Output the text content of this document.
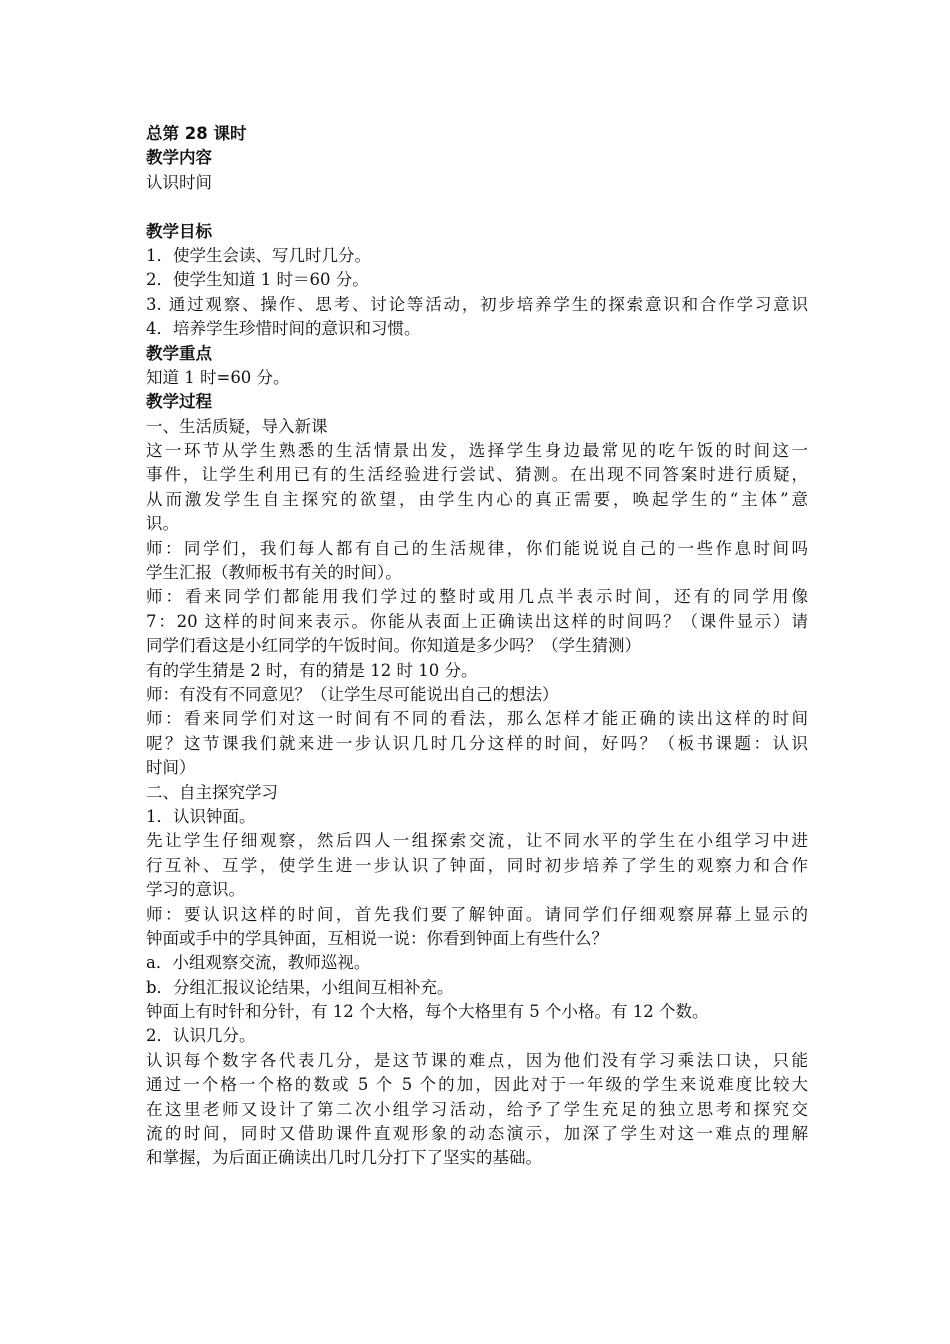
总第 28 课时
教学内容
认识时间
教学目标
1．使学生会读、写几时几分。
2．使学生知道 1 时＝60 分。
3. 通过观察、操作、思考、讨论等活动，初步培养学生的探索意识和合作学习意识
4．培养学生珍惜时间的意识和习惯。
教学重点
知道 1 时=60 分。
教学过程
一、生活质疑，导入新课
这一环节从学生熟悉的生活情景出发，选择学生身边最常见的吃午饭的时间这一
事件，让学生利用已有的生活经验进行尝试、猜测。在出现不同答案时进行质疑，
从而激发学生自主探究的欲望，由学生内心的真正需要，唤起学生的“主体”意
识。
师：同学们，我们每人都有自己的生活规律，你们能说说自己的一些作息时间吗
学生汇报（教师板书有关的时间）。
师：看来同学们都能用我们学过的整时或用几点半表示时间，还有的同学用像
7：20 这样的时间来表示。你能从表面上正确读出这样的时间吗？（课件显示）请
同学们看这是小红同学的午饭时间。你知道是多少吗？（学生猜测）
有的学生猜是 2 时，有的猜是 12 时 10 分。
师：有没有不同意见？（让学生尽可能说出自己的想法）
师：看来同学们对这一时间有不同的看法，那么怎样才能正确的读出这样的时间
呢？这节课我们就来进一步认识几时几分这样的时间，好吗？（板书课题：认识
时间）
二、自主探究学习
1．认识钟面。
先让学生仔细观察，然后四人一组探索交流，让不同水平的学生在小组学习中进
行互补、互学，使学生进一步认识了钟面，同时初步培养了学生的观察力和合作
学习的意识。
师：要认识这样的时间，首先我们要了解钟面。请同学们仔细观察屏幕上显示的
钟面或手中的学具钟面，互相说一说：你看到钟面上有些什么？
a．小组观察交流，教师巡视。
b．分组汇报议论结果，小组间互相补充。
钟面上有时针和分针，有 12 个大格，每个大格里有 5 个小格。有 12 个数。
2．认识几分。
认识每个数字各代表几分，是这节课的难点，因为他们没有学习乘法口诀，只能
通过一个格一个格的数或 5 个 5 个的加，因此对于一年级的学生来说难度比较大
在这里老师又设计了第二次小组学习活动，给予了学生充足的独立思考和探究交
流的时间，同时又借助课件直观形象的动态演示，加深了学生对这一难点的理解
和掌握，为后面正确读出几时几分打下了坚实的基础。
